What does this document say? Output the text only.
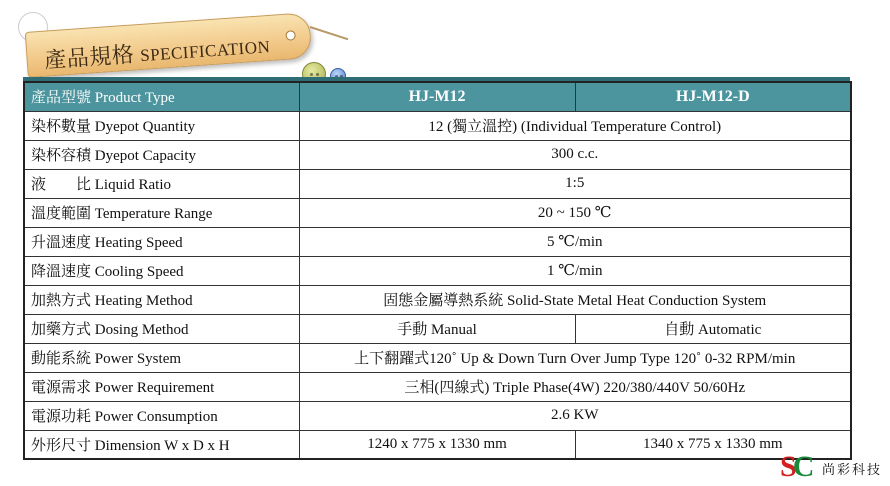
產品規格 SPECIFICATION
產品型號 Product Type	HJ-M12	HJ-M12-D
染杯數量 Dyepot Quantity	12 (獨立溫控) (Individual Temperature Control)	
染杯容積 Dyepot Capacity	300 c.c.	
液　　比 Liquid Ratio	1:5	
溫度範圍 Temperature Range	20 ~ 150 ℃	
升溫速度 Heating Speed	5 ℃/min	
降溫速度 Cooling Speed	1 ℃/min	
加熱方式 Heating Method	固態金屬導熱系統 Solid-State Metal Heat Conduction System	
加藥方式 Dosing Method	手動 Manual	自動 Automatic
動能系統 Power System	上下翻躍式120˚ Up & Down Turn Over Jump Type 120˚ 0-32 RPM/min	
電源需求 Power Requirement	三相(四線式) Triple Phase(4W) 220/380/440V 50/60Hz	
電源功耗 Power Consumption	2.6 KW	
外形尺寸 Dimension W x D x H	1240 x 775 x 1330 mm	1340 x 775 x 1330 mm
SC 尚彩科技
